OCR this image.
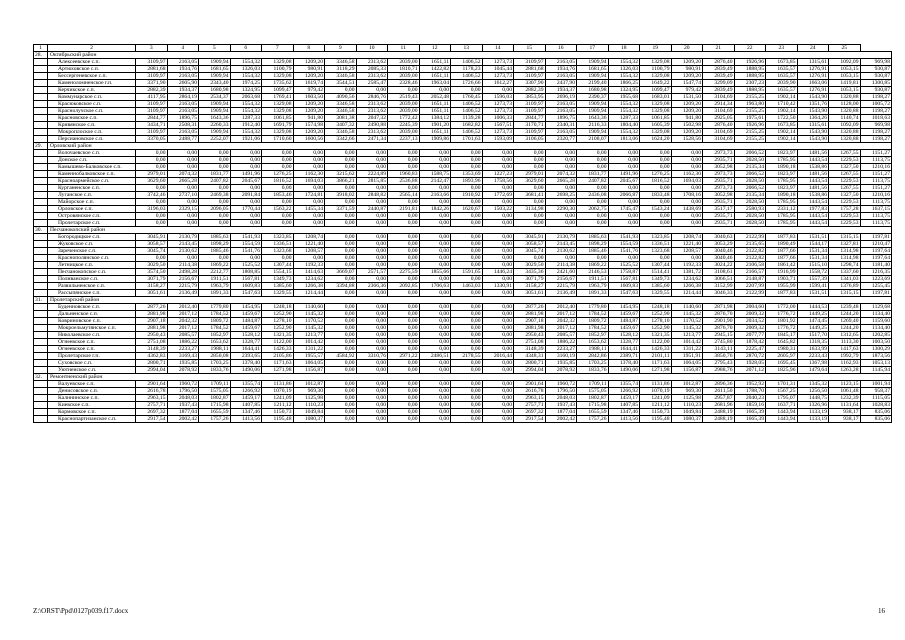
1	2	3	4	5	6	7	8	9	10	11	12	13	14	15	16	17	18	19	20	21	22	23	24	25	
28.	Октябрьский район																								
	Алексеевское с.п.	3109,97	2163,05	1909,94	1554,32	1329,08	1209,20	3346,58	2313,62	2039,00	1651,11	1406,52	1273,73	3109,97	2163,05	1909,94	1554,32	1329,08	1209,20	2876,40	1926,96	1673,85	1315,61	1092,09	969,98
	Артюховское с.п.	2881,68	1934,76	1681,65	1326,03	1100,79	980,91	3118,29	2085,33	1810,71	1422,82	1178,23	1045,44	2881,68	1934,76	1681,65	1326,03	1100,79	980,91	2839,49	1888,95	1635,57	1276,91	1053,15	930,87
	Бессергеневское с.п.	3109,97	2163,05	1909,94	1554,32	1329,08	1209,20	3346,58	2313,62	2039,00	1651,11	1406,52	1273,73	3109,97	2163,05	1909,94	1554,32	1329,08	1209,20	2839,49	1888,95	1635,57	1276,91	1053,15	930,87
	Каменоломненское г.п.	3371,90	2605,90	2343,40	1974,25	1735,62	1619,74	3544,51	2585,47	2328,46	1963,04	1726,66	1612,27	3307,90	2437,90	2199,40	1866,25	1649,22	1547,74	3299,09	2307,23	2039,90	1663,06	1419,81	1300,85
	Керчикское с.п.	2882,39	1934,37	1680,98	1324,95	1099,47	979,42	0,00	0,00	0,00	0,00	0,00	0,00	2882,39	1934,37	1680,98	1324,95	1099,47	979,42	2839,49	1888,95	1635,57	1276,91	1053,15	930,87
	Коммунарское с.п.	4117,95	2864,19	2534,37	2063,68	1769,41	1603,50	4090,56	2846,76	2519,43	2052,48	1760,45	1596,03	3853,95	2696,19	2390,37	1955,68	1683,01	1531,50	3104,69	2155,25	1902,14	1543,90	1320,88	1198,27
	Красюковское с.п.	3109,97	2163,05	1909,94	1554,32	1329,08	1209,20	3346,58	2313,62	2039,00	1651,11	1406,52	1273,73	3109,97	2163,05	1909,94	1554,32	1329,08	1209,20	2914,34	1963,80	1710,42	1351,76	1128,00	1005,72
	Краснолучское с.п.	3109,97	2163,05	1909,94	1554,32	1329,08	1209,20	3346,58	2313,62	2039,00	1651,11	1406,52	1273,73	3109,97	2163,05	1909,94	1554,32	1329,08	1209,20	3104,69	2155,25	1902,14	1543,90	1320,88	1198,27
	Красновское с.п.	2844,77	1896,75	1643,36	1287,33	1061,85	941,80	3081,38	2047,32	1772,42	1384,12	1139,28	1006,33	2844,77	1896,75	1643,36	1287,33	1061,85	941,80	2925,05	1975,61	1722,50	1364,26	1140,74	1018,63
	Кривянское с.п.	3434,71	2508,31	2260,33	1912,40	1691,79	1574,98	3407,32	2490,88	2245,39	1901,20	1682,82	1567,51	3170,71	2340,31	2116,33	1804,40	1605,39	1502,98	2876,40	1926,96	1673,85	1315,61	1092,09	969,98
	Мокроплоское с.п.	3109,97	2163,05	1909,94	1554,32	1329,08	1209,20	3346,58	2313,62	2039,00	1651,11	1406,52	1273,73	3109,97	2163,05	1909,94	1554,32	1329,08	1209,20	3104,69	2155,25	1902,14	1543,90	1320,88	1198,27
	Персиановское с.п.	3370,05	2488,77	2252,07	1921,06	1710,60	1600,56	3342,66	2471,34	2237,13	1909,86	1701,63	1593,09	3106,05	2320,77	2108,07	1813,06	1624,20	1528,56	3104,69	2155,25	1902,14	1543,90	1320,88	1198,27
29.	Орловский район																								
	Волочаевское с.п.	0,00	0,00	0,00	0,00	0,00	0,00	0,00	0,00	0,00	0,00	0,00	0,00	0,00	0,00	0,00	0,00	0,00	0,00	2973,73	2066,52	1823,97	1481,56	1267,55	1151,27
	Донское с.п.	0,00	0,00	0,00	0,00	0,00	0,00	0,00	0,00	0,00	0,00	0,00	0,00	0,00	0,00	0,00	0,00	0,00	0,00	2935,71	2028,50	1785,95	1443,54	1229,53	1113,75
	Камышево-Балковское с.п.	0,00	0,00	0,00	0,00	0,00	0,00	0,00	0,00	0,00	0,00	0,00	0,00	0,00	0,00	0,00	0,00	0,00	0,00	3052,98	2135,34	1890,18	1538,86	1327,50	1210,16
	Каменнобалковское с.п.	2979,01	2074,32	1831,77	1491,96	1276,25	1162,30	3215,62	2224,89	1960,83	1588,75	1353,69	1227,23	2979,01	2074,32	1831,77	1491,96	1276,25	1162,30	2973,73	2066,52	1823,97	1481,56	1267,55	1151,27
	Красноармейское с.п.	3629,60	2665,28	2407,82	2045,67	1816,52	1694,03	3866,21	2815,85	2536,88	2142,47	1893,96	1758,56	3629,60	2665,28	2407,82	2045,67	1816,52	1694,03	2935,71	2028,50	1785,95	1443,54	1229,53	1113,75
	Курганенское с.п.	0,00	0,00	0,00	0,00	0,00	0,00	0,00	0,00	0,00	0,00	0,00	0,00	0,00	0,00	0,00	0,00	0,00	0,00	2973,73	2066,52	1823,97	1481,56	1267,55	1151,27
	Луганское с.п.	3742,46	2737,10	2469,38	2091,84	1853,46	1724,81	3918,02	2848,82	2565,14	2163,66	1910,92	1772,69	3681,41	2698,25	2436,08	2066,87	1833,48	1708,16	3052,98	2135,34	1890,18	1538,86	1327,50	1210,16
	Майорское с.п.	0,00	0,00	0,00	0,00	0,00	0,00	0,00	0,00	0,00	0,00	0,00	0,00	0,00	0,00	0,00	0,00	0,00	0,00	2935,71	2028,50	1785,95	1443,54	1229,53	1113,75
	Орловское с.п.	3196,03	2329,15	2096,05	1770,44	1563,22	1455,34	3371,59	2440,87	2191,81	1842,26	1620,67	1503,22	3134,98	2290,30	2062,75	1745,47	1543,24	1438,69	3517,17	2580,93	2331,12	1977,83	1757,28	1637,15
	Островянское с.п.	0,00	0,00	0,00	0,00	0,00	0,00	0,00	0,00	0,00	0,00	0,00	0,00	0,00	0,00	0,00	0,00	0,00	0,00	2935,71	2028,50	1785,95	1443,54	1229,53	1113,75
	Пролетарское с.п.	0,00	0,00	0,00	0,00	0,00	0,00	0,00	0,00	0,00	0,00	0,00	0,00	0,00	0,00	0,00	0,00	0,00	0,00	2935,71	2028,50	1785,95	1443,54	1229,53	1113,75
30.	Песчанокопский район																								
	Богородицкое с.п.	3045,91	2130,79	1885,63	1541,93	1323,85	1208,74	0,00	0,00	0,00	0,00	0,00	0,00	3045,91	2130,79	1885,63	1541,93	1323,85	1208,74	3040,63	2122,99	1877,83	1531,51	1315,15	1197,81
	Жуковское с.п.	3058,57	2143,45	1898,29	1554,59	1336,51	1221,40	0,00	0,00	0,00	0,00	0,00	0,00	3058,57	2143,45	1898,29	1554,59	1336,51	1221,40	3053,29	2135,65	1890,49	1544,17	1327,81	1210,47
	Зареченское с.п.	3045,74	2130,62	1885,46	1541,76	1323,68	1208,57	0,00	0,00	0,00	0,00	0,00	0,00	3045,74	2130,62	1885,46	1541,76	1323,68	1208,57	3040,46	2122,82	1877,66	1531,34	1314,98	1197,64
	Краснополянское с.п.	0,00	0,00	0,00	0,00	0,00	0,00	0,00	0,00	0,00	0,00	0,00	0,00	0,00	0,00	0,00	0,00	0,00	0,00	3040,46	2122,82	1877,66	1531,34	1314,98	1197,64
	Летницкое с.п.	3029,50	2114,38	1869,22	1525,52	1307,44	1192,33	0,00	0,00	0,00	0,00	0,00	0,00	3029,50	2114,38	1869,22	1525,52	1307,44	1192,33	3024,22	2106,58	1861,42	1515,10	1298,74	1181,40
	Песчанокопское с.п.	3574,50	2498,28	2212,77	1808,85	1554,15	1414,63	3669,07	2571,57	2275,59	1855,66	1591,65	1446,24	3435,36	2421,60	2146,53	1758,87	1514,41	1381,72	3108,61	2166,57	1916,99	1558,72	1337,60	1216,35
	Поливанское с.п.	3071,79	2156,67	1911,51	1567,81	1349,73	1234,62	0,00	0,00	0,00	0,00	0,00	0,00	3071,79	2156,67	1911,51	1567,81	1349,73	1234,62	3066,51	2148,87	1903,71	1557,39	1341,03	1223,69
	Развильненское с.п.	3158,27	2215,79	1963,79	1609,83	1385,60	1266,38	3394,88	2366,36	2092,85	1706,63	1463,03	1330,91	3158,27	2215,79	1963,79	1609,83	1385,60	1266,38	3152,99	2207,99	1955,99	1599,41	1376,89	1255,45
	Рассыпянское с.п.	3051,61	2136,49	1891,33	1547,63	1329,55	1214,44	0,00	0,00	0,00	0,00	0,00	0,00	3051,61	2136,49	1891,33	1547,63	1329,55	1214,44	3046,33	2122,99	1877,83	1531,51	1315,15	1197,81
31.	Пролетарский район																								
	Буденновское с.п.	2877,26	2012,40	1779,80	1454,95	1248,18	1140,60	0,00	0,00	0,00	0,00	0,00	0,00	2877,26	2012,40	1779,80	1454,95	1248,18	1140,60	2871,98	2004,60	1772,00	1444,53	1239,48	1129,68
	Дальненское с.п.	2881,98	2017,12	1784,52	1459,67	1252,90	1145,32	0,00	0,00	0,00	0,00	0,00	0,00	2881,98	2017,12	1784,52	1459,67	1252,90	1145,32	2876,70	2009,32	1776,72	1449,25	1244,20	1134,40
	Ковриновское с.п.	2907,18	2042,32	1809,72	1484,87	1278,10	1170,52	0,00	0,00	0,00	0,00	0,00	0,00	2907,18	2042,32	1809,72	1484,87	1278,10	1170,52	2901,90	2034,52	1801,92	1474,45	1269,40	1159,60
	Мокроельмутянское с.п.	2881,98	2017,12	1784,52	1459,67	1252,90	1145,32	0,00	0,00	0,00	0,00	0,00	0,00	2881,98	2017,12	1784,52	1459,67	1252,90	1145,32	2876,70	2009,32	1776,72	1449,25	1244,20	1134,40
	Николаевское с.п.	2950,43	2085,57	1852,97	1528,12	1321,35	1213,77	0,00	0,00	0,00	0,00	0,00	0,00	2950,43	2085,57	1852,97	1528,12	1321,35	1213,77	2945,15	2077,77	1845,17	1517,70	1312,65	1202,85
	Огнеевское с.п.	2751,08	1886,22	1653,62	1328,77	1122,00	1014,42	0,00	0,00	0,00	0,00	0,00	0,00	2751,08	1886,22	1653,62	1328,77	1122,00	1014,42	2745,80	1878,42	1645,82	1318,35	1113,30	1003,50
	Огнеевское с.п.	3148,39	2233,27	1988,11	1644,41	1426,33	1311,22	0,00	0,00	0,00	0,00	0,00	0,00	3148,39	2233,27	1988,11	1644,41	1426,33	1311,22	3143,11	2225,47	1980,31	1633,99	1417,63	1300,29
	Пролетарское г.п.	4362,83	3169,43	2850,08	2393,65	2105,86	1955,57	4584,92	3310,76	2971,22	2486,51	2178,55	2016,44	4348,31	3160,19	2842,86	2389,71	2101,11	1951,91	3850,76	2870,72	2605,97	2233,43	1992,79	1873,56
	Суховское с.п.	2800,71	1935,85	1703,25	1378,40	1171,63	1064,05	0,00	0,00	0,00	0,00	0,00	0,00	2800,71	1935,85	1703,25	1378,40	1171,63	1064,05	2795,43	1928,05	1695,45	1367,98	1162,93	1053,13
	Уютненское с.п.	2994,04	2078,92	1833,76	1490,06	1271,98	1156,87	0,00	0,00	0,00	0,00	0,00	0,00	2994,04	2078,92	1833,76	1490,06	1271,98	1156,87	2988,76	2071,12	1825,96	1479,64	1263,28	1145,94
32.	Ремонтненский район																								
	Валуевское с.п.	2901,64	1960,72	1709,11	1355,74	1131,86	1012,87	0,00	0,00	0,00	0,00	0,00	0,00	2901,64	1960,72	1709,11	1355,74	1131,86	1012,87	2896,36	1952,92	1701,31	1345,32	1123,15	1001,94
	Денисовское с.п.	2616,78	1796,50	1575,05	1266,92	1070,19	969,30	0,00	0,00	0,00	0,00	0,00	0,00	2616,78	1796,50	1575,05	1266,92	1070,19	969,30	2611,50	1788,70	1567,25	1256,50	1061,48	958,37
	Калининское с.п.	2963,15	2048,03	1802,87	1459,17	1241,09	1125,98	0,00	0,00	0,00	0,00	0,00	0,00	2963,15	2048,03	1802,87	1459,17	1241,09	1125,98	2957,87	2040,23	1795,07	1448,75	1232,39	1115,05
	Киевское с.п.	2757,71	1937,43	1715,98	1407,85	1211,12	1110,23	0,00	0,00	0,00	0,00	0,00	0,00	2757,71	1937,43	1715,98	1407,85	1211,12	1110,23	2681,96	1859,16	1637,71	1326,96	1131,64	1028,83
	Кормовское с.п.	2697,32	1877,04	1655,59	1347,46	1150,73	1049,84	0,00	0,00	0,00	0,00	0,00	0,00	2697,32	1877,04	1655,59	1347,46	1150,73	1049,84	2488,19	1665,39	1443,94	1133,19	938,17	835,06
	Краснопартизанское с.п.	2917,54	2002,42	1757,26	1413,56	1195,48	1080,37	0,00	0,00	0,00	0,00	0,00	0,00	2917,54	2002,42	1757,26	1413,56	1195,48	1080,37	2488,19	1665,39	1443,94	1133,19	938,17	835,06
Z:\ORST\Ppd\0127p039.f17.docx	16
